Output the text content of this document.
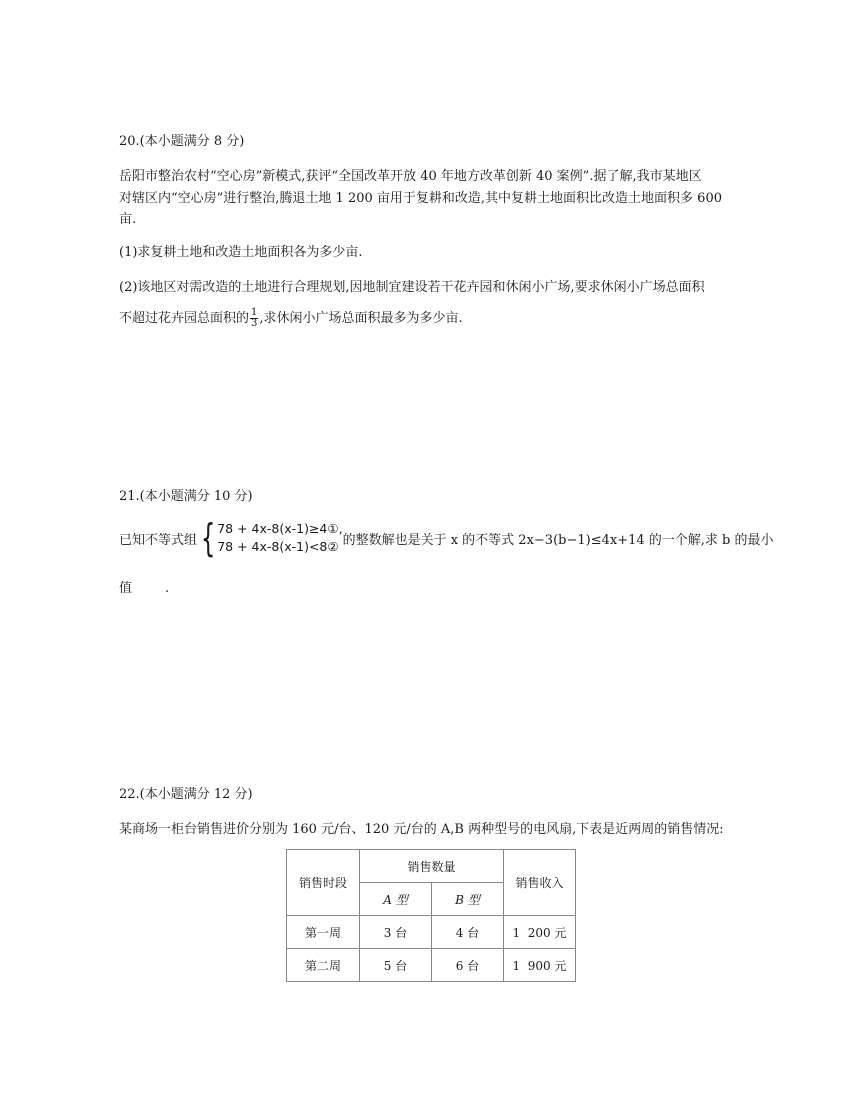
20.(本小题满分 8 分)
岳阳市整治农村“空心房”新模式,获评“全国改革开放 40 年地方改革创新 40 案例”.据了解,我市某地区
对辖区内“空心房”进行整治,腾退土地 1 200 亩用于复耕和改造,其中复耕土地面积比改造土地面积多 600
亩.
(1)求复耕土地和改造土地面积各为多少亩.
(2)该地区对需改造的土地进行合理规划,因地制宜建设若干花卉园和休闲小广场,要求休闲小广场总面积
不超过花卉园总面积的 $\frac{1}{3}$ ,求休闲小广场总面积最多为多少亩.
21.(本小题满分 10 分)
已知不等式组 { 78 + 4x-8(x-1)≥4①,
78 + 4x-8(x-1)<8② 的整数解也是关于 x 的不等式 2x−3(b−1)≤4x+14 的一个解,求 b 的最小
值        .
22.(本小题满分 12 分)
某商场一柜台销售进价分别为 160 元/台、120 元/台的 A,B 两种型号的电风扇,下表是近两周的销售情况:
销售时段	销售数量		销售收入
	A 型	B 型	
第一周	3 台	4 台	1  200 元
第二周	5 台	6 台	1  900 元
